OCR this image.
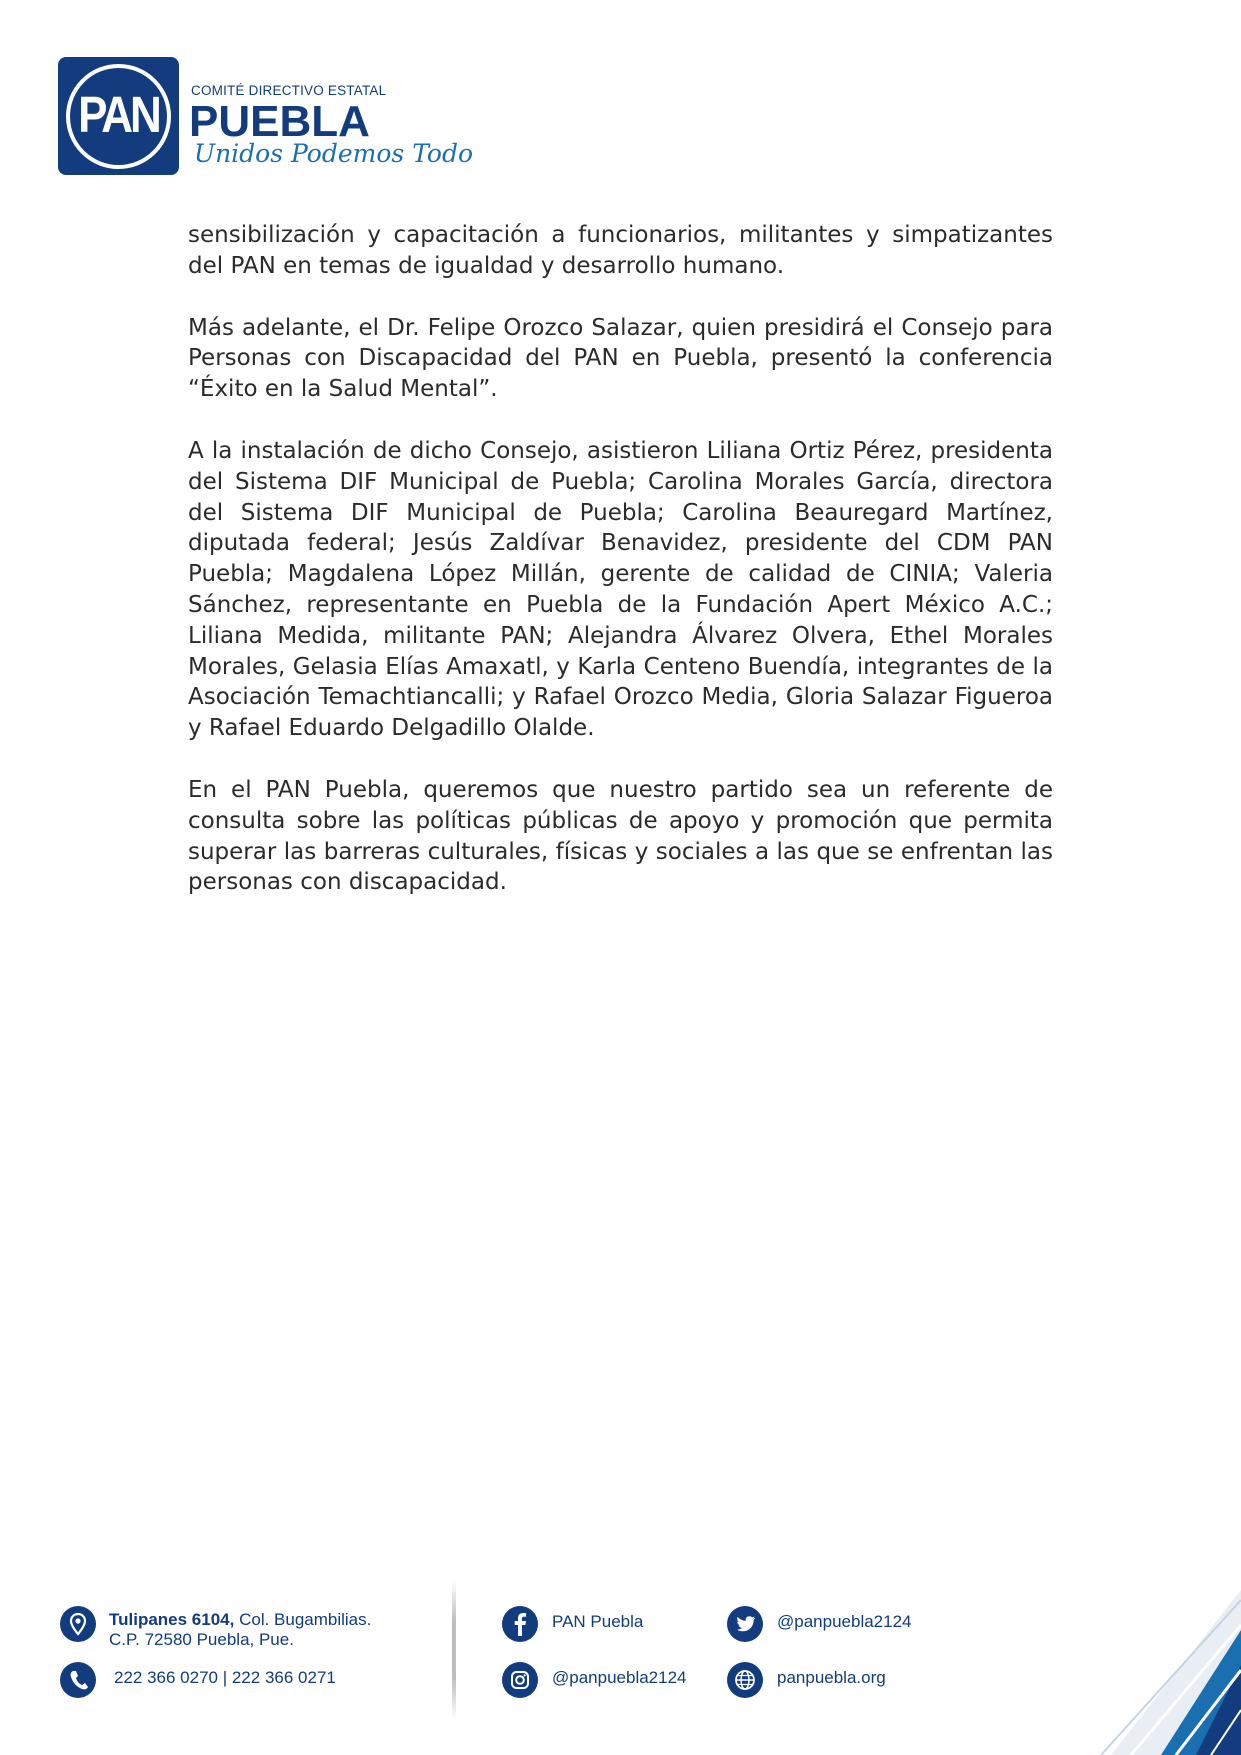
PAN	COMITÉ DIRECTIVO ESTATAL
PUEBLA
Unidos Podemos Todo

sensibilización y capacitación a funcionarios, militantes y simpatizantes del PAN en temas de igualdad y desarrollo humano.

Más adelante, el Dr. Felipe Orozco Salazar, quien presidirá el Consejo para Personas con Discapacidad del PAN en Puebla, presentó la conferencia “Éxito en la Salud Mental”.

A la instalación de dicho Consejo, asistieron Liliana Ortiz Pérez, presidenta del Sistema DIF Municipal de Puebla; Carolina Morales García, directora del Sistema DIF Municipal de Puebla; Carolina Beauregard Martínez, diputada federal; Jesús Zaldívar Benavidez, presidente del CDM PAN Puebla; Magdalena López Millán, gerente de calidad de CINIA; Valeria Sánchez, representante en Puebla de la Fundación Apert México A.C.; Liliana Medida, militante PAN; Alejandra Álvarez Olvera, Ethel Morales Morales, Gelasia Elías Amaxatl, y Karla Centeno Buendía, integrantes de la Asociación Temachtiancalli; y Rafael Orozco Media, Gloria Salazar Figueroa y Rafael Eduardo Delgadillo Olalde.

En el PAN Puebla, queremos que nuestro partido sea un referente de consulta sobre las políticas públicas de apoyo y promoción que permita superar las barreras culturales, físicas y sociales a las que se enfrentan las personas con discapacidad.

Tulipanes 6104, Col. Bugambilias.
C.P. 72580 Puebla, Pue.
222 366 0270 | 222 366 0271
PAN Puebla	@panpuebla2124
@panpuebla2124	panpuebla.org
